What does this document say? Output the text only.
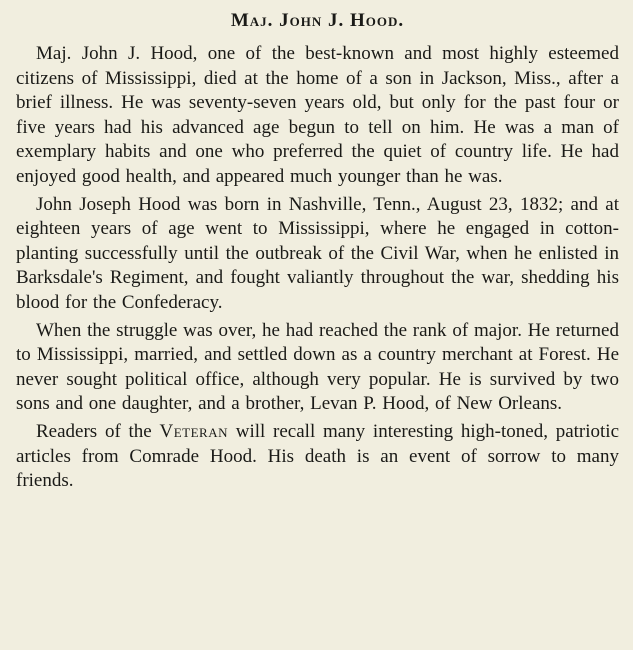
Maj. John J. Hood.

Maj. John J. Hood, one of the best-known and most highly esteemed citizens of Mississippi, died at the home of a son in Jackson, Miss., after a brief illness. He was seventy-seven years old, but only for the past four or five years had his advanced age begun to tell on him. He was a man of exemplary habits and one who preferred the quiet of country life. He had enjoyed good health, and appeared much younger than he was.

John Joseph Hood was born in Nashville, Tenn., August 23, 1832; and at eighteen years of age went to Mississippi, where he engaged in cotton-planting successfully until the outbreak of the Civil War, when he enlisted in Barksdale's Regiment, and fought valiantly throughout the war, shedding his blood for the Confederacy.

When the struggle was over, he had reached the rank of major. He returned to Mississippi, married, and settled down as a country merchant at Forest. He never sought political office, although very popular. He is survived by two sons and one daughter, and a brother, Levan P. Hood, of New Orleans.

Readers of the Veteran will recall many interesting high-toned, patriotic articles from Comrade Hood. His death is an event of sorrow to many friends.
